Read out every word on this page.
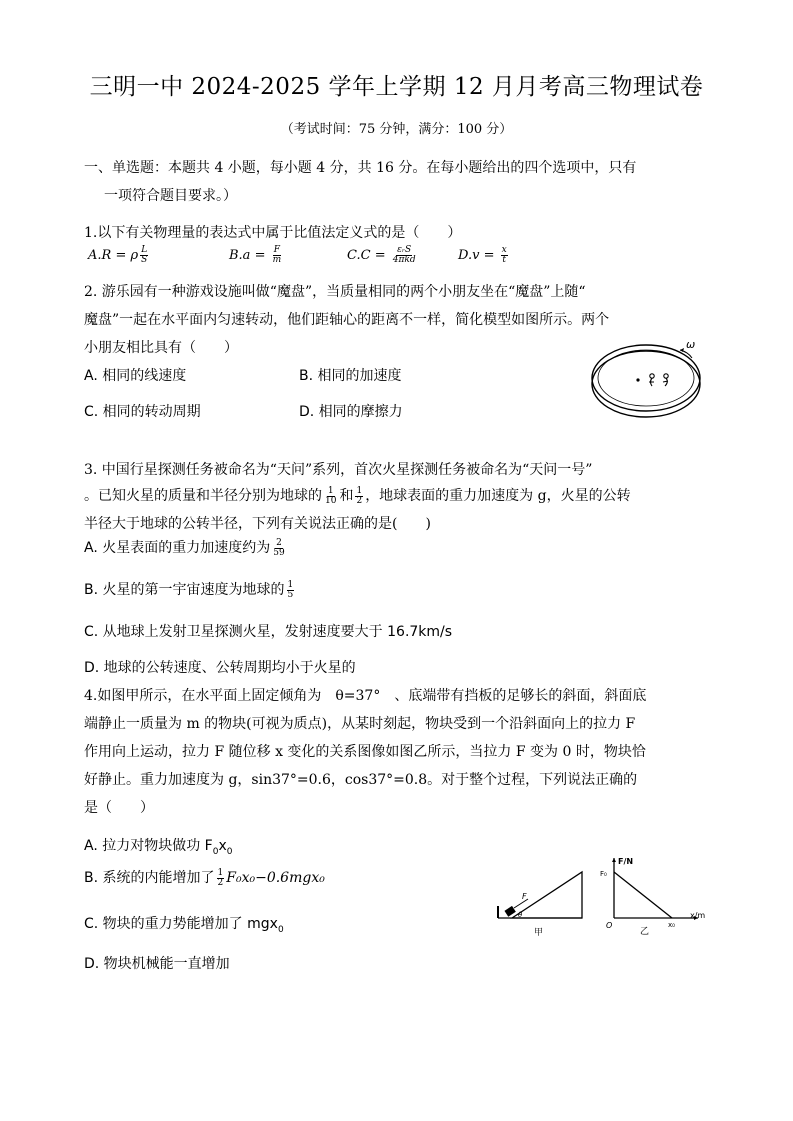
三明一中 2024-2025 学年上学期 12 月月考高三物理试卷
（考试时间：75 分钟，满分：100 分）
一、单选题：本题共 4 小题，每小题 4 分，共 16 分。在每小题给出的四个选项中，只有
一项符合题目要求。）
1.以下有关物理量的表达式中属于比值法定义式的是（　　）
A.R = ρ $\frac{L}{S}$	$B.a = \frac{F}{m}$	$C.C = \frac{\text{εᵣS}}{\text{4πkd}}$	$D.v = \frac{x}{t}$
2. 游乐园有一种游戏设施叫做“魔盘”，当质量相同的两个小朋友坐在“魔盘”上随“
魔盘”一起在水平面内匀速转动，他们距轴心的距离不一样，简化模型如图所示。两个
小朋友相比具有（　　）
A. 相同的线速度	B. 相同的加速度
C. 相同的转动周期	D. 相同的摩擦力
ω
3. 中国行星探测任务被命名为“天问”系列，首次火星探测任务被命名为“天问一号”
。已知火星的质量和半径分别为地球的 $\frac{1}{10}$ 和 $\frac{1}{2}$ ，地球表面的重力加速度为 g，火星的公转
半径大于地球的公转半径，下列有关说法正确的是(　　)
A. 火星表面的重力加速度约为 $\frac{2}{59}$
B. 火星的第一宇宙速度为地球的 $\frac{1}{5}$
C. 从地球上发射卫星探测火星，发射速度要大于 16.7km/s
D. 地球的公转速度、公转周期均小于火星的
4.如图甲所示，在水平面上固定倾角为　θ=37°　、底端带有挡板的足够长的斜面，斜面底
端静止一质量为 m 的物块(可视为质点)，从某时刻起，物块受到一个沿斜面向上的拉力 F
作用向上运动，拉力 F 随位移 x 变化的关系图像如图乙所示，当拉力 F 变为 0 时，物块恰
好静止。重力加速度为 g，sin37°=0.6，cos37°=0.8。对于整个过程，下列说法正确的
是（　　）
A. 拉力对物块做功 $F_0x_0$
B. 系统的内能增加了 $\frac{1}{2} F_0x_0-0.6mgx_0$
C. 物块的重力势能增加了 mgx$_0$
D. 物块机械能一直增加
F
θ
甲
F/N
F₀
x/m
x₀
O
乙
